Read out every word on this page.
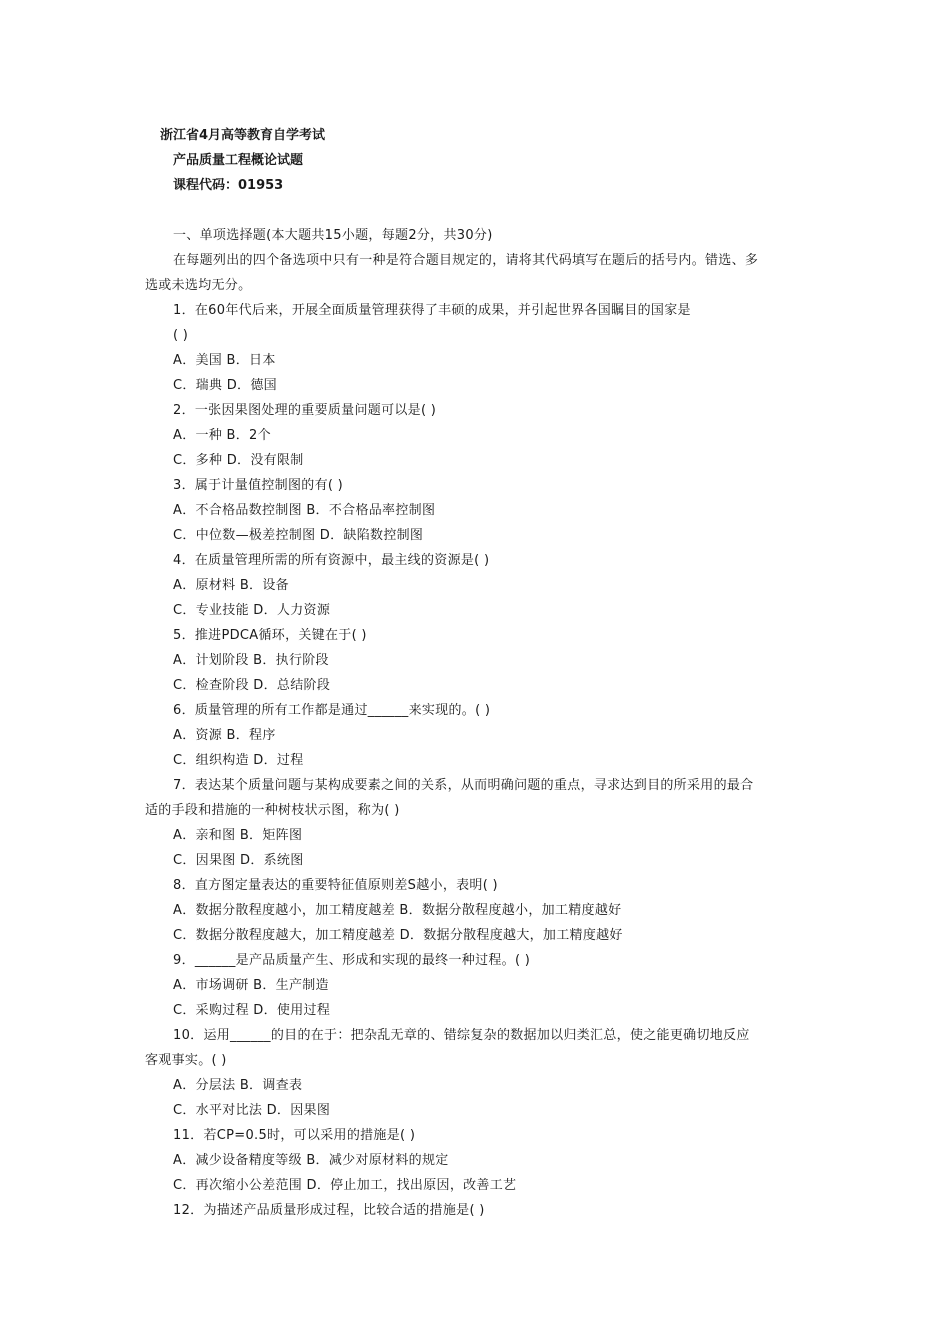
浙江省4月高等教育自学考试
产品质量工程概论试题
课程代码：01953
一、单项选择题(本大题共15小题，每题2分，共30分)
在每题列出的四个备选项中只有一种是符合题目规定的，请将其代码填写在题后的括号内。错选、多
选或未选均无分。
1．在60年代后来，开展全面质量管理获得了丰硕的成果，并引起世界各国瞩目的国家是
( )
A．美国 B．日本
C．瑞典 D．德国
2．一张因果图处理的重要质量问题可以是( )
A．一种 B．2个
C．多种 D．没有限制
3．属于计量值控制图的有( )
A．不合格品数控制图 B．不合格品率控制图
C．中位数—极差控制图 D．缺陷数控制图
4．在质量管理所需的所有资源中，最主线的资源是( )
A．原材料 B．设备
C．专业技能 D．人力资源
5．推进PDCA循环，关键在于( )
A．计划阶段 B．执行阶段
C．检查阶段 D．总结阶段
6．质量管理的所有工作都是通过______来实现的。( )
A．资源 B．程序
C．组织构造 D．过程
7．表达某个质量问题与某构成要素之间的关系，从而明确问题的重点，寻求达到目的所采用的最合
适的手段和措施的一种树枝状示图，称为( )
A．亲和图 B．矩阵图
C．因果图 D．系统图
8．直方图定量表达的重要特征值原则差S越小，表明( )
A．数据分散程度越小，加工精度越差 B．数据分散程度越小，加工精度越好
C．数据分散程度越大，加工精度越差 D．数据分散程度越大，加工精度越好
9．______是产品质量产生、形成和实现的最终一种过程。( )
A．市场调研 B．生产制造
C．采购过程 D．使用过程
10．运用______的目的在于：把杂乱无章的、错综复杂的数据加以归类汇总，使之能更确切地反应
客观事实。( )
A．分层法 B．调查表
C．水平对比法 D．因果图
11．若CP=0.5时，可以采用的措施是( )
A．减少设备精度等级 B．减少对原材料的规定
C．再次缩小公差范围 D．停止加工，找出原因，改善工艺
12．为描述产品质量形成过程，比较合适的措施是( )
